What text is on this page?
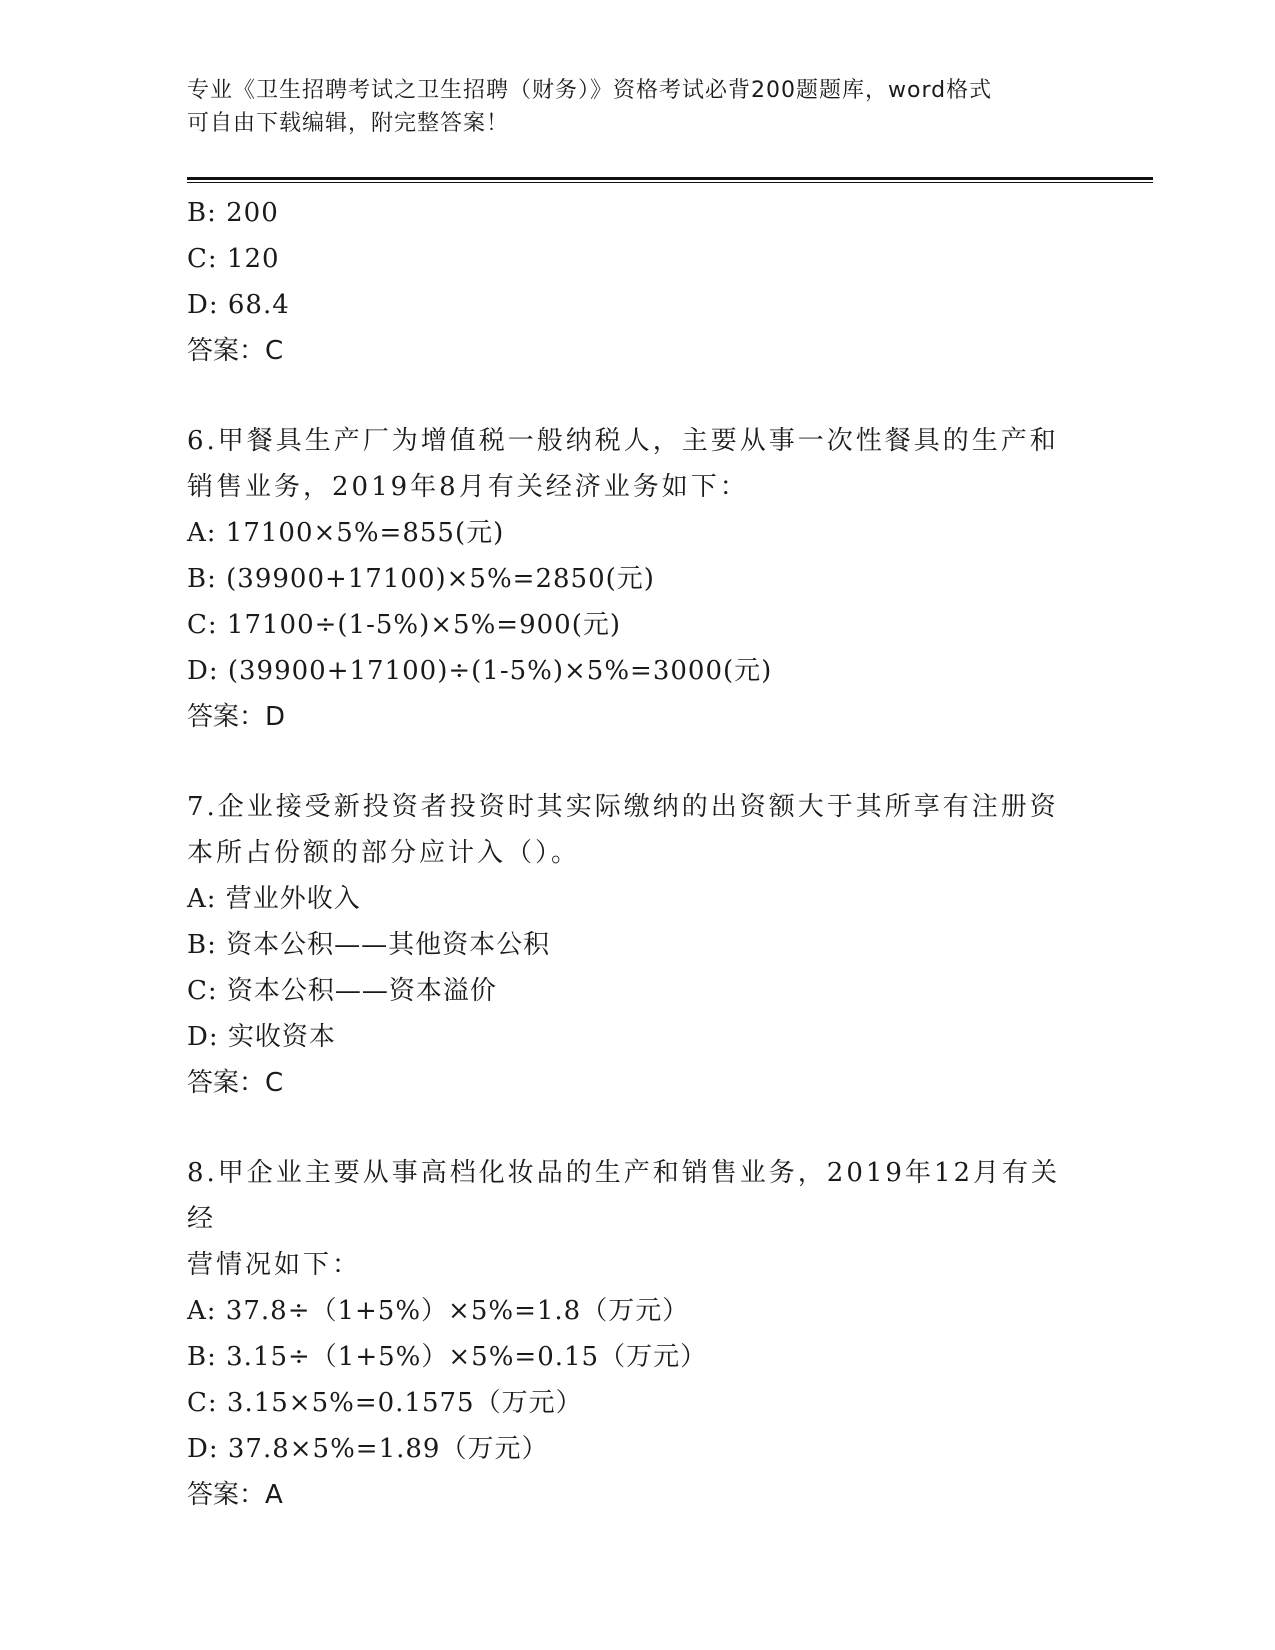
专业《卫生招聘考试之卫生招聘（财务）》资格考试必背200题题库，word格式
可自由下载编辑，附完整答案！
B: 200
C: 120
D: 68.4
答案：C
6.甲餐具生产厂为增值税一般纳税人，主要从事一次性餐具的生产和
销售业务，2019年8月有关经济业务如下：
A: 17100×5%=855(元)
B: (39900+17100)×5%=2850(元)
C: 17100÷(1-5%)×5%=900(元)
D: (39900+17100)÷(1-5%)×5%=3000(元)
答案：D
7.企业接受新投资者投资时其实际缴纳的出资额大于其所享有注册资
本所占份额的部分应计入（）。
A: 营业外收入
B: 资本公积——其他资本公积
C: 资本公积——资本溢价
D: 实收资本
答案：C
8.甲企业主要从事高档化妆品的生产和销售业务，2019年12月有关经
营情况如下：
A: 37.8÷（1+5%）×5%=1.8（万元）
B: 3.15÷（1+5%）×5%=0.15（万元）
C: 3.15×5%=0.1575（万元）
D: 37.8×5%=1.89（万元）
答案：A
